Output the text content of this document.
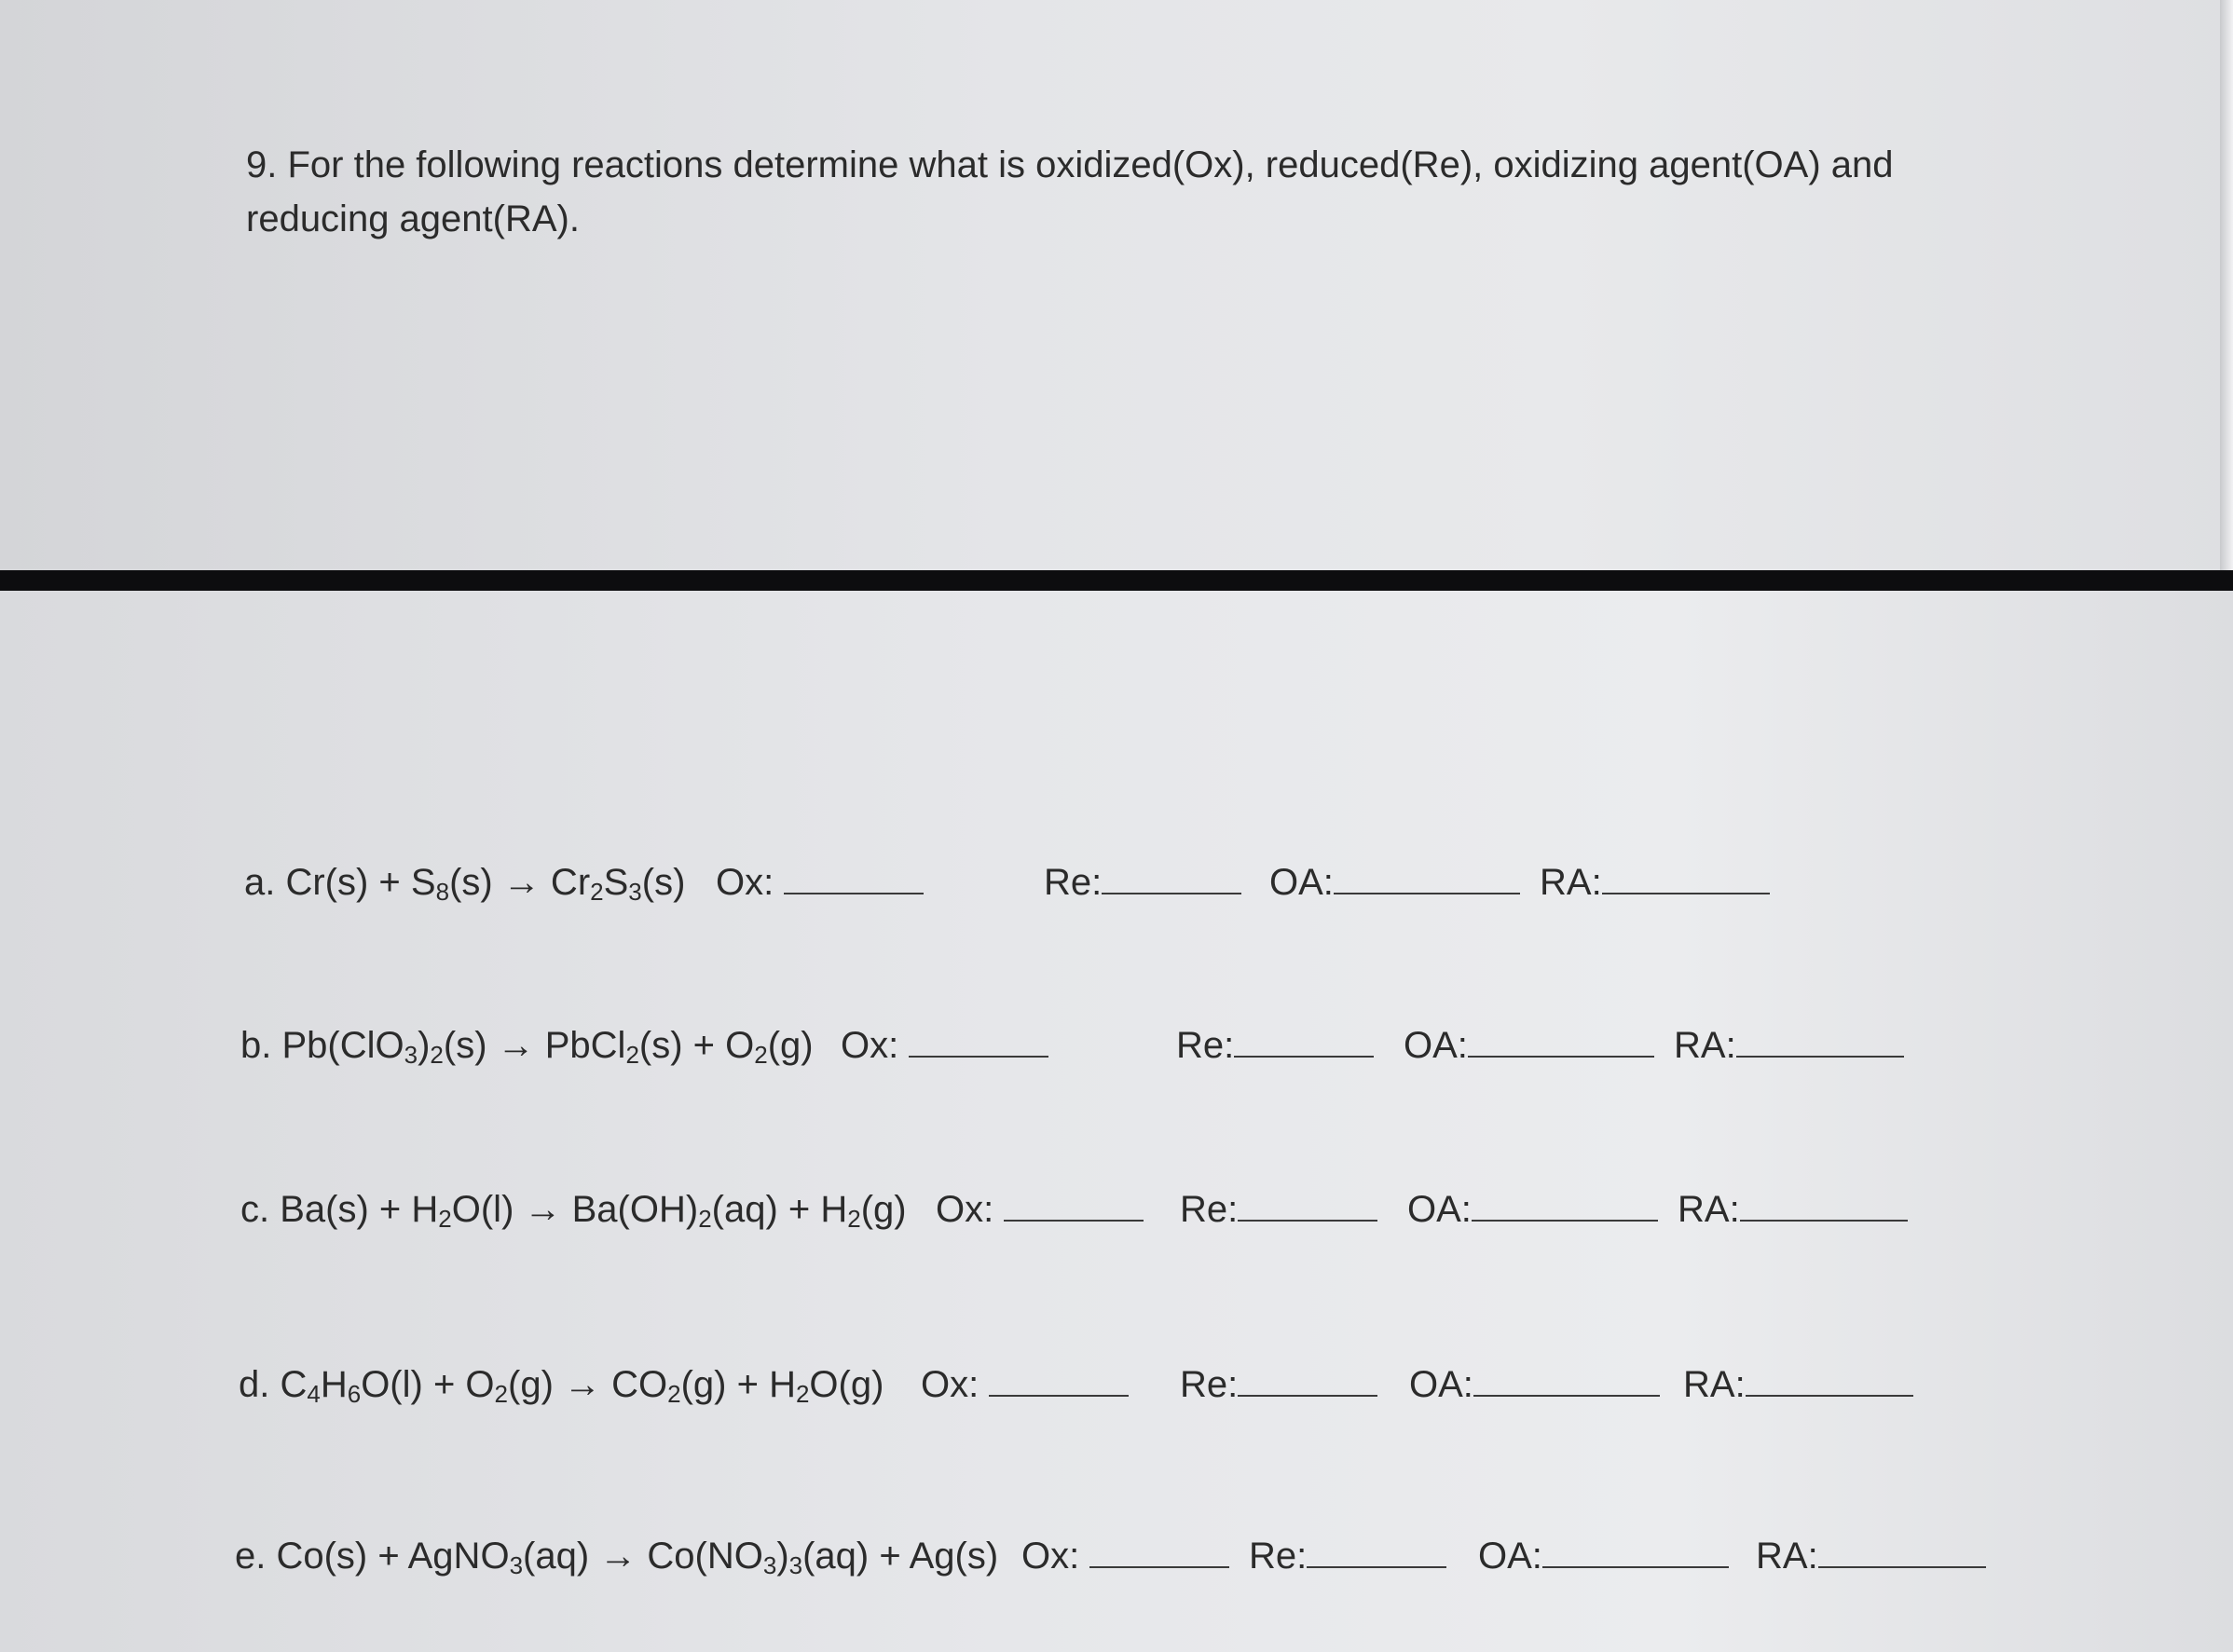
9. For the following reactions determine what is oxidized(Ox), reduced(Re), oxidizing agent(OA) and
reducing agent(RA).
a. $Cr(s) + S_8(s) \to Cr_2S_3(s)$ Ox:	Re:	OA:	RA:
b. $Pb(ClO_3)_2(s)$ → PbCl$_2$(s) + $O_2(g)$ Ox:	Re:	OA:	RA:
c. $Ba(s) + H_2O(l) \to Ba(OH)_2(aq) + H_2(g)$ Ox:	Re:	OA:	RA:
d. $C_4H_6O(l) + O_2(g) \to CO_2(g) + H_2O(g)$ Ox:	Re:	OA:	RA:
e. Co(s) + AgNO$_3$(aq) → $Co(NO_3)_3(aq) + Ag(s)$ Ox:	Re:	OA:	RA:
